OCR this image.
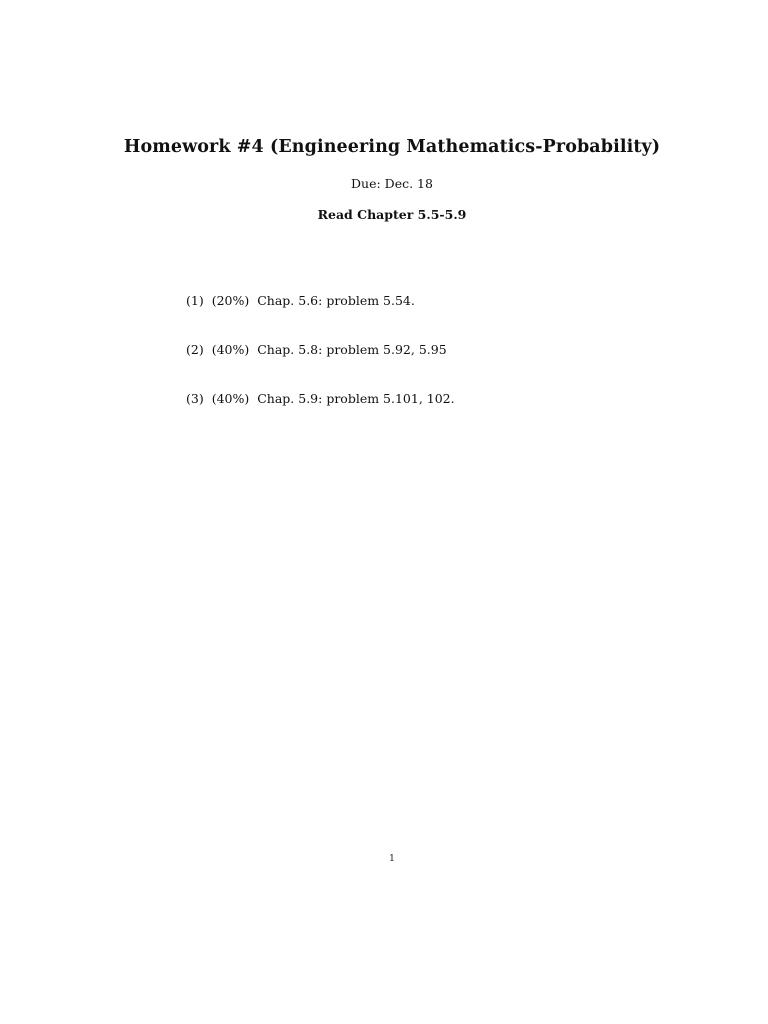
Homework #4 (Engineering Mathematics-Probability)
Due: Dec. 18
Read Chapter 5.5-5.9
(1) (20%) Chap. 5.6: problem 5.54.
(2) (40%) Chap. 5.8: problem 5.92, 5.95
(3) (40%) Chap. 5.9: problem 5.101, 102.
1
